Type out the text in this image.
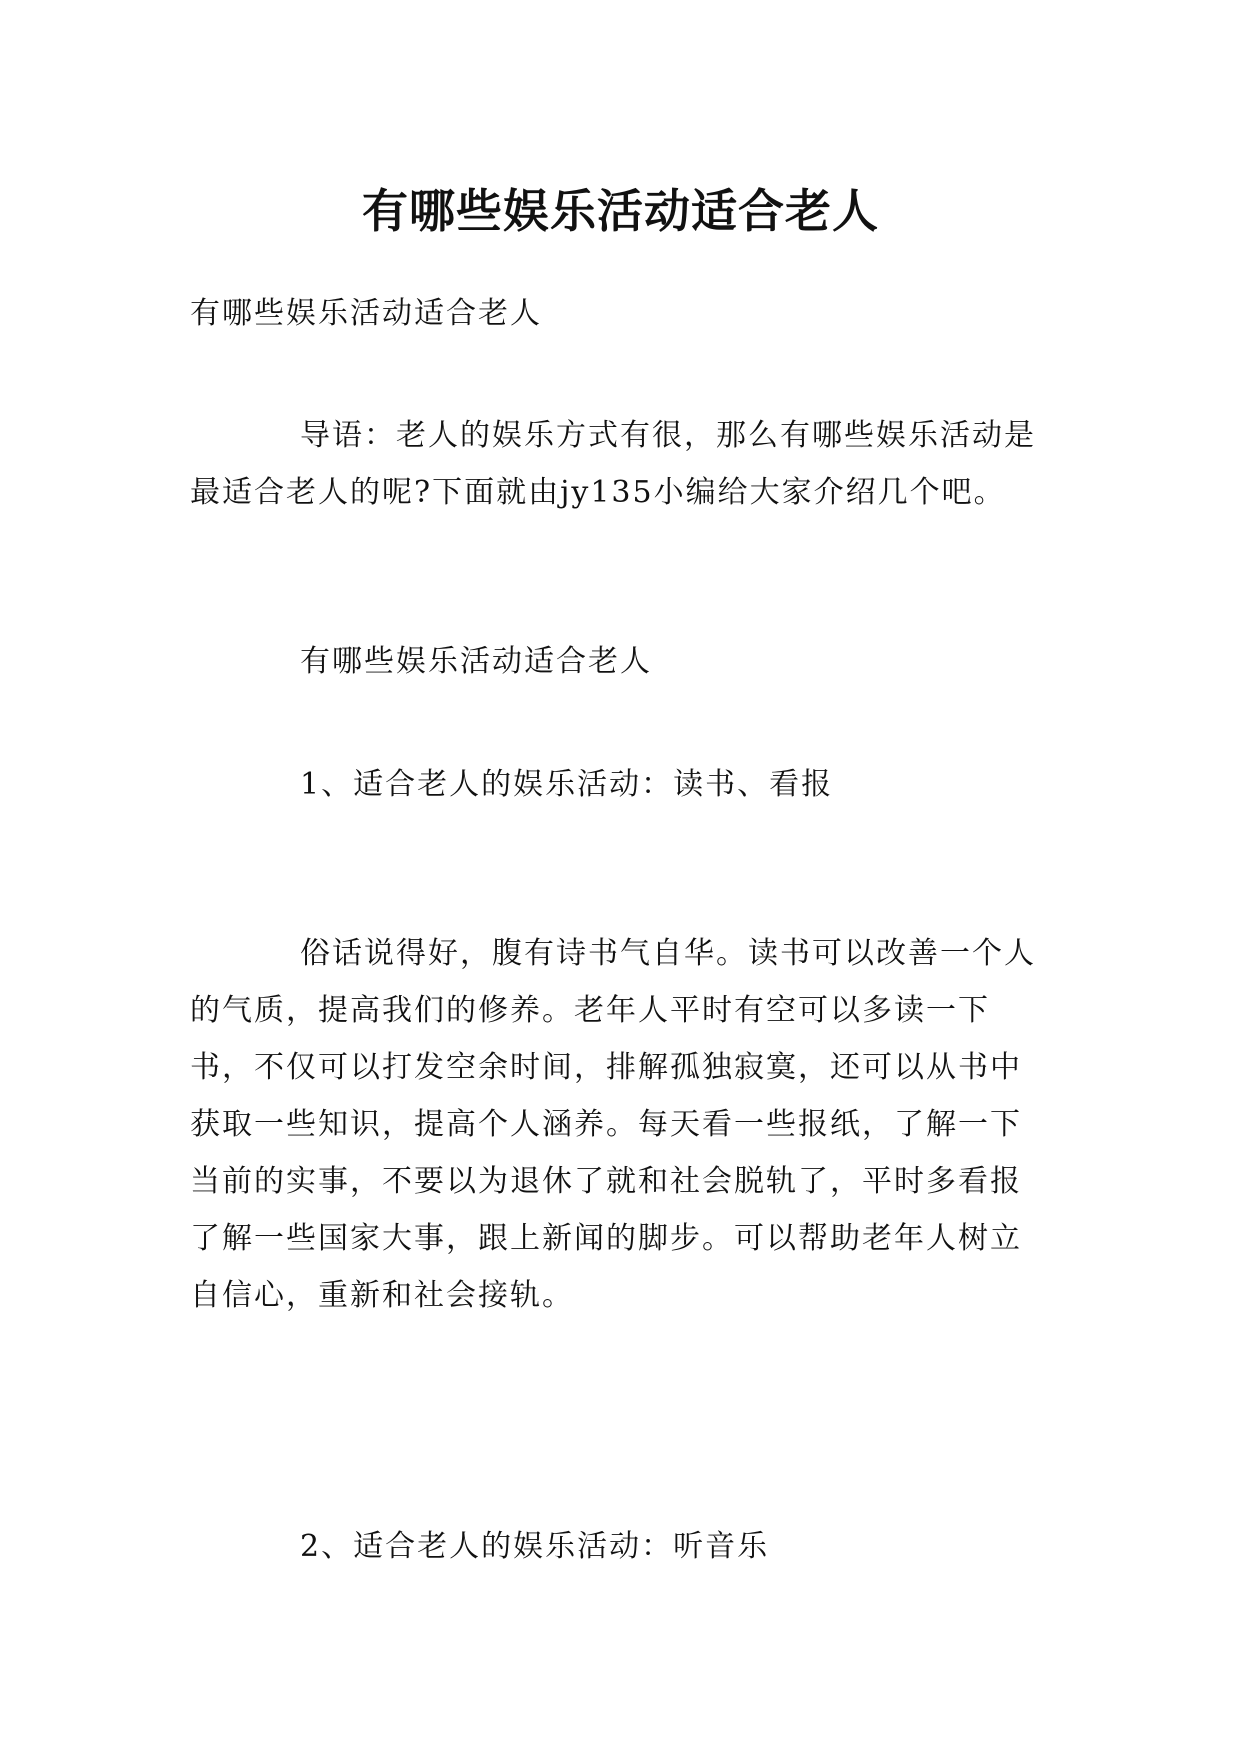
有哪些娱乐活动适合老人

有哪些娱乐活动适合老人

导语：老人的娱乐方式有很，那么有哪些娱乐活动是最适合老人的呢?下面就由jy135小编给大家介绍几个吧。

有哪些娱乐活动适合老人

1、适合老人的娱乐活动：读书、看报

俗话说得好，腹有诗书气自华。读书可以改善一个人的气质，提高我们的修养。老年人平时有空可以多读一下书，不仅可以打发空余时间，排解孤独寂寞，还可以从书中获取一些知识，提高个人涵养。每天看一些报纸，了解一下当前的实事，不要以为退休了就和社会脱轨了，平时多看报了解一些国家大事，跟上新闻的脚步。可以帮助老年人树立自信心，重新和社会接轨。

2、适合老人的娱乐活动：听音乐
